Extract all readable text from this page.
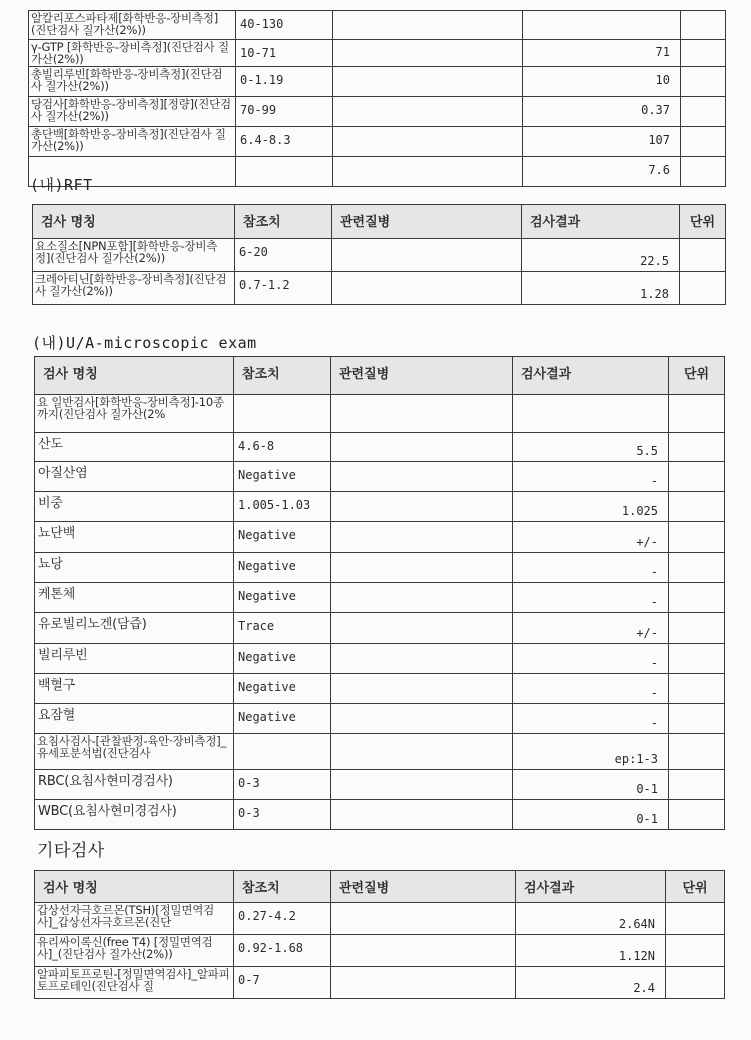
알칼리포스파타제[화학반응-장비측정](진단검사 질가산(2%))	40-130			
γ-GTP [화학반응-장비측정](진단검사 질가산(2%))	10-71		71	
총빌리루빈[화학반응-장비측정](진단검사 질가산(2%))	0-1.19		10	
당검사[화학반응-장비측정][정량](진단검사 질가산(2%))	70-99		0.37	
총단백[화학반응-장비측정](진단검사 질가산(2%))	6.4-8.3		107	
			7.6	
(내)RFT
검사 명칭	참조치	관련질병	검사결과	단위
요소질소[NPN포함][화학반응-장비측정](진단검사 질가산(2%))	6-20		22.5	
크레아티닌[화학반응-장비측정](진단검사 질가산(2%))	0.7-1.2		1.28	
(내)U/A-microscopic exam
검사 명칭	참조치	관련질병	검사결과	단위
요 일반검사[화학반응-장비측정]-10종까지(진단검사 질가산(2%				
산도	4.6-8		5.5	
아질산염	Negative		-	
비중	1.005-1.03		1.025	
뇨단백	Negative		+/-	
뇨당	Negative		-	
케톤체	Negative		-	
유로빌리노겐(담즙)	Trace		+/-	
빌리루빈	Negative		-	
백혈구	Negative		-	
요잠혈	Negative		-	
요침사검사-[관찰판정-육안·장비측정]_유세포분석법(진단검사			ep:1-3	
RBC(요침사현미경검사)	0-3		0-1	
WBC(요침사현미경검사)	0-3		0-1	
기타검사
검사 명칭	참조치	관련질병	검사결과	단위
갑상선자극호르몬(TSH)[정밀면역검사]_갑상선자극호르몬(진단	0.27-4.2		2.64N	
유리싸이록신(free T4) [정밀면역검사]_(진단검사 질가산(2%))	0.92-1.68		1.12N	
알파피토프로틴-[정밀면역검사]_알파피토프로테인(진단검사 질	0-7		2.4	
